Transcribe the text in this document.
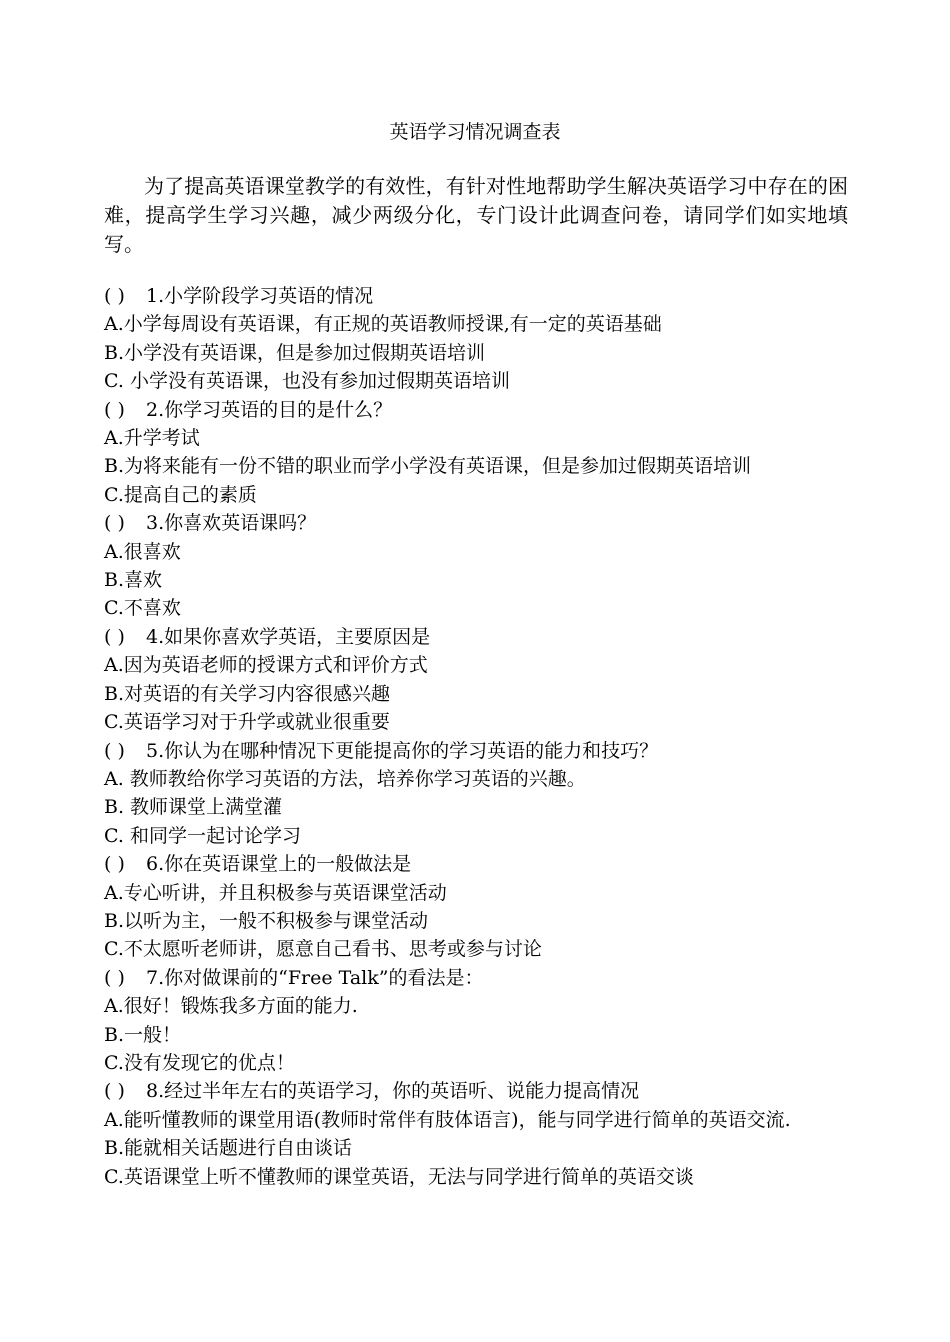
英语学习情况调查表
为了提高英语课堂教学的有效性，有针对性地帮助学生解决英语学习中存在的困难，提高学生学习兴趣，减少两级分化，专门设计此调查问卷，请同学们如实地填写。
( ) 1.小学阶段学习英语的情况
A.小学每周设有英语课，有正规的英语教师授课,有一定的英语基础
B.小学没有英语课，但是参加过假期英语培训
C. 小学没有英语课，也没有参加过假期英语培训
( ) 2.你学习英语的目的是什么？
A.升学考试
B.为将来能有一份不错的职业而学小学没有英语课，但是参加过假期英语培训
C.提高自己的素质
( ) 3.你喜欢英语课吗？
A.很喜欢
B.喜欢
C.不喜欢
( ) 4.如果你喜欢学英语，主要原因是
A.因为英语老师的授课方式和评价方式
B.对英语的有关学习内容很感兴趣
C.英语学习对于升学或就业很重要
( ) 5.你认为在哪种情况下更能提高你的学习英语的能力和技巧？
A. 教师教给你学习英语的方法，培养你学习英语的兴趣。
B. 教师课堂上满堂灌
C. 和同学一起讨论学习
( ) 6.你在英语课堂上的一般做法是
A.专心听讲，并且积极参与英语课堂活动
B.以听为主，一般不积极参与课堂活动
C.不太愿听老师讲，愿意自己看书、思考或参与讨论
( ) 7.你对做课前的“Free Talk”的看法是：
A.很好！锻炼我多方面的能力.
B.一般！
C.没有发现它的优点！
( ) 8.经过半年左右的英语学习，你的英语听、说能力提高情况
A.能听懂教师的课堂用语(教师时常伴有肢体语言)，能与同学进行简单的英语交流.
B.能就相关话题进行自由谈话
C.英语课堂上听不懂教师的课堂英语，无法与同学进行简单的英语交谈
